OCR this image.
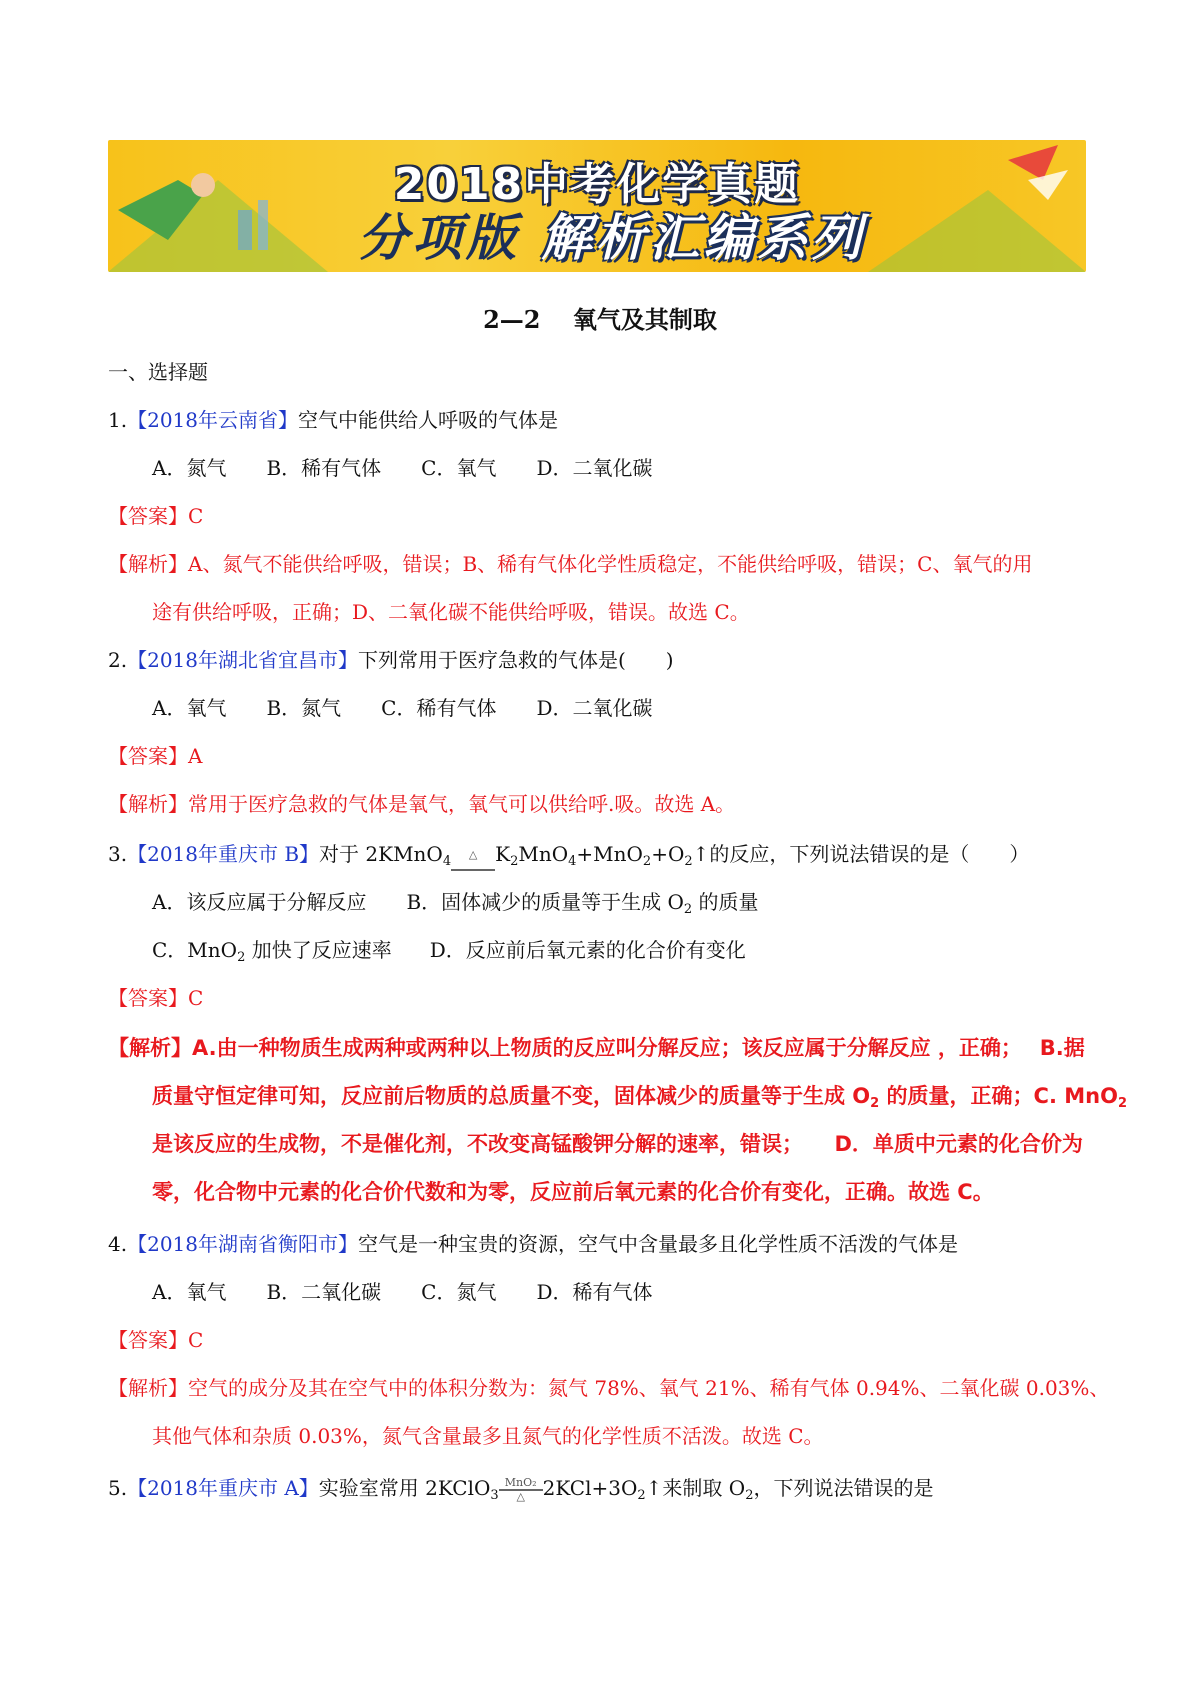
2018中考化学真题
分项版 解析汇编系列
2—2　 氧气及其制取
一、选择题
1.【2018年云南省】空气中能供给人呼吸的气体是
A．氮气 B．稀有气体 C．氧气 D．二氧化碳
【答案】C
【解析】A、氮气不能供给呼吸，错误；B、稀有气体化学性质稳定，不能供给呼吸，错误；C、氧气的用
途有供给呼吸，正确；D、二氧化碳不能供给呼吸，错误。故选 C。
2.【2018年湖北省宜昌市】下列常用于医疗急救的气体是(　　)
A．氧气 B．氮气 C．稀有气体 D．二氧化碳
【答案】A
【解析】常用于医疗急救的气体是氧气，氧气可以供给呼.吸。故选 A。
3.【2018年重庆市 B】对于 2KMnO$_4$ △ $K_2MnO_4+MnO_2+O_2↑$的反应，下列说法错误的是（　　）
A．该反应属于分解反应 B．固体减少的质量等于生成 $O_2$ 的质量
C．MnO$_2$ 加快了反应速率 D．反应前后氧元素的化合价有变化
【答案】C
【解析】A.由一种物质生成两种或两种以上物质的反应叫分解反应；该反应属于分解反应 ，正确；　 B.据
质量守恒定律可知，反应前后物质的总质量不变，固体减少的质量等于生成 $O_2$ 的质量，正确；C. MnO$_2$
是该反应的生成物，不是催化剂，不改变高锰酸钾分解的速率，错误；　　D．单质中元素的化合价为
零，化合物中元素的化合价代数和为零，反应前后氧元素的化合价有变化，正确。故选 C。
4.【2018年湖南省衡阳市】空气是一种宝贵的资源，空气中含量最多且化学性质不活泼的气体是
A．氧气 B．二氧化碳 C．氮气 D．稀有气体
【答案】C
【解析】空气的成分及其在空气中的体积分数为：氮气 78%、氧气 21%、稀有气体 0.94%、二氧化碳 0.03%、
其他气体和杂质 0.03%，氮气含量最多且氮气的化学性质不活泼。故选 C。
5.【2018年重庆市 A】实验室常用 2KClO$_3$MnO₂
△ $2KCl+3O_2↑$来制取 $O_2$，下列说法错误的是
